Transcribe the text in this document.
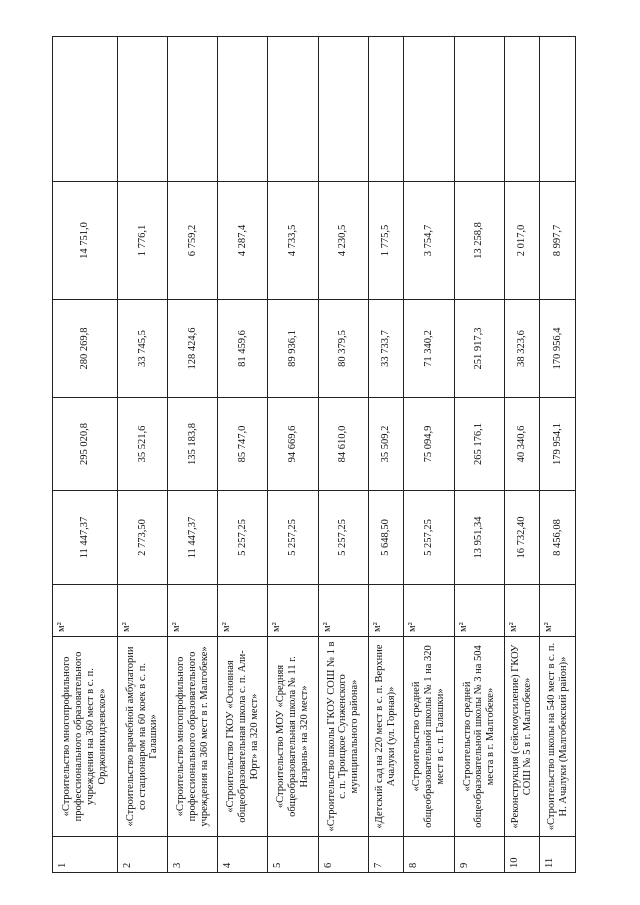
1	«Строительство многопрофильного профессионального образовательного учреждения на 360 мест в с. п. Орджоникидзевское»	м²	11 447,37	295 020,8	280 269,8	14 751,0	
2	«Строительство врачебной амбулатории со стационаром на 60 коек в с. п. Галашки»	м²	2 773,50	35 521,6	33 745,5	1 776,1	
3	«Строительство многопрофильного профессионального образовательного учреждения на 360 мест в г. Малгобеке»	м²	11 447,37	135 183,8	128 424,6	6 759,2	
4	«Строительство ГКОУ «Основная общеобразовательная школа с. п. Али-Юрт» на 320 мест»	м²	5 257,25	85 747,0	81 459,6	4 287,4	
5	«Строительство МОУ «Средняя общеобразовательная школа № 11 г. Назрань» на 320 мест»	м²	5 257,25	94 669,6	89 936,1	4 733,5	
6	«Строительство школы ГКОУ СОШ № 1 в с. п. Троицкое Сунженского муниципального района»	м²	5 257,25	84 610,0	80 379,5	4 230,5	
7	«Детский сад на 220 мест в с. п. Верхние Ачалуки (ул. Горная)»	м²	5 648,50	35 509,2	33 733,7	1 775,5	
8	«Строительство средней общеобразовательной школы № 1 на 320 мест в с. п. Галашки»	м²	5 257,25	75 094,9	71 340,2	3 754,7	
9	«Строительство средней общеобразовательной школы № 3 на 504 места в г. Малгобеке»	м²	13 951,34	265 176,1	251 917,3	13 258,8	
10	«Реконструкция (сейсмоусиление) ГКОУ СОШ № 5 в г. Малгобеке»	м²	16 732,40	40 340,6	38 323,6	2 017,0	
11	«Строительство школы на 540 мест в с. п. Н. Ачалуки (Малгобекский район)»	м²	8 456,08	179 954,1	170 956,4	8 997,7	
